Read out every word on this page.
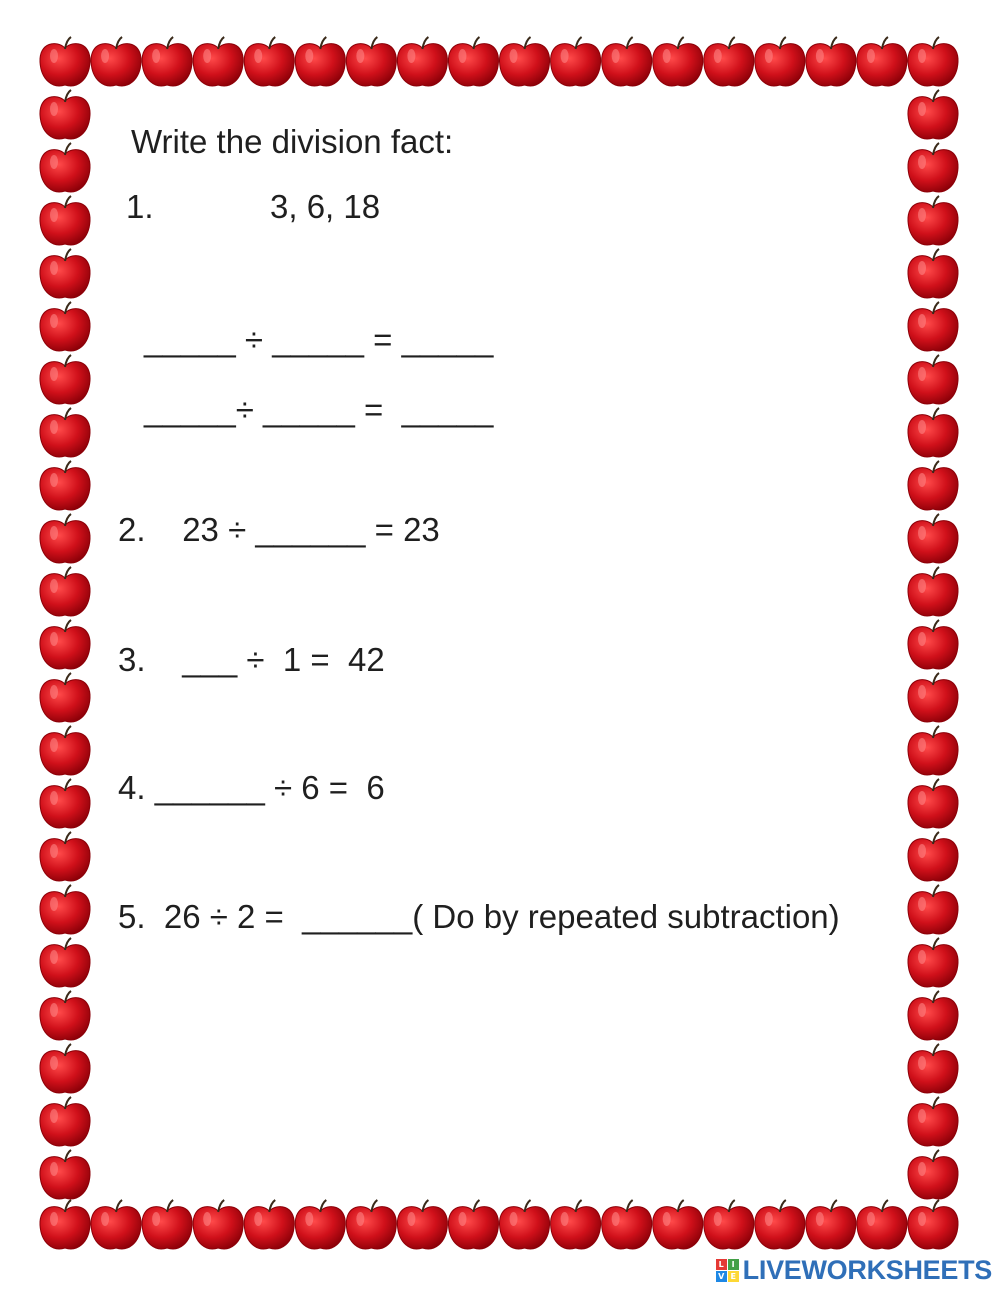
Write the division fact:
1.	3, 6, 18
_____ ÷ _____ = _____
_____÷ _____ =  _____
2.    23 ÷ ______ = 23
3.    ___ ÷  1 =  42
4. ______ ÷ 6 =  6
5.  26 ÷ 2 =  ______( Do by repeated subtraction)
L I
V E LIVEWORKSHEETS
